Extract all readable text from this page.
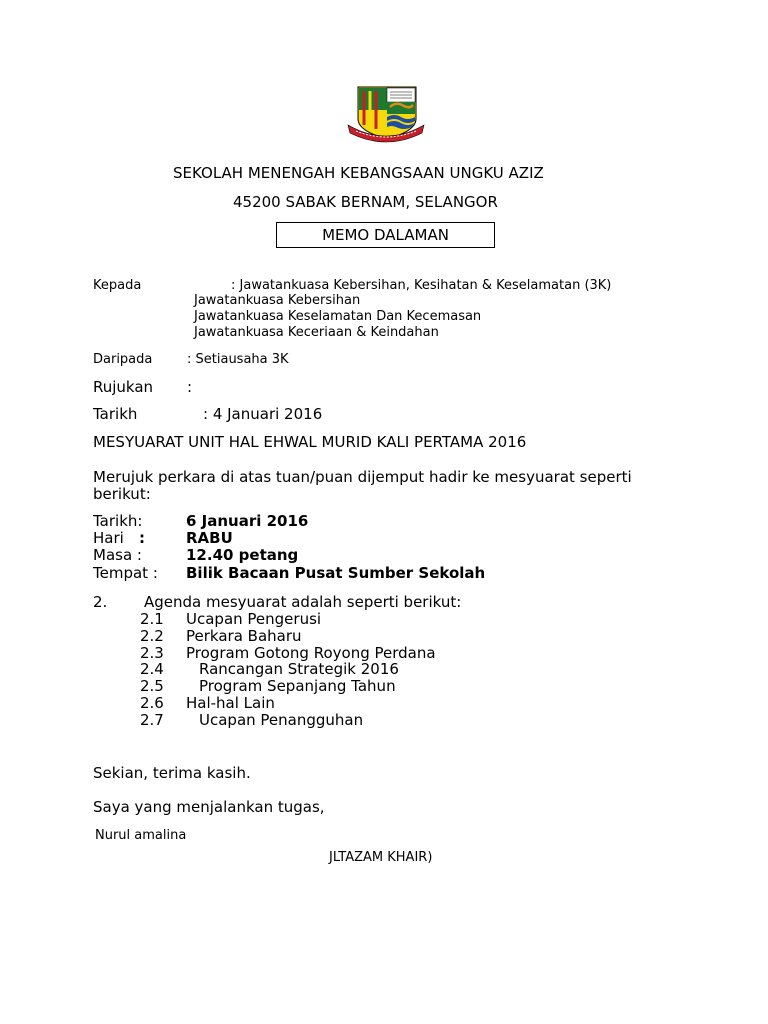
SEKOLAH MENENGAH KEBANGSAAN UNGKU AZIZ
45200 SABAK BERNAM, SELANGOR
MEMO DALAMAN
Kepada	: Jawatankuasa Kebersihan, Kesihatan & Keselamatan (3K)
Jawatankuasa Kebersihan
Jawatankuasa Keselamatan Dan Kecemasan
Jawatankuasa Keceriaan & Keindahan
Daripada	: Setiausaha 3K
Rujukan :
Tarikh	: 4 Januari 2016
MESYUARAT UNIT HAL EHWAL MURID KALI PERTAMA 2016
Merujuk perkara di atas tuan/puan dijemput hadir ke mesyuarat seperti
berikut:
Tarikh:	6 Januari 2016
Hari :	RABU
Masa :	12.40 petang
Tempat : Bilik Bacaan Pusat Sumber Sekolah
2. Agenda mesyuarat adalah seperti berikut:
2.1 Ucapan Pengerusi
2.2 Perkara Baharu
2.3 Program Gotong Royong Perdana
2.4 Rancangan Strategik 2016
2.5 Program Sepanjang Tahun
2.6 Hal-hal Lain
2.7 Ucapan Penangguhan
Sekian, terima kasih.
Saya yang menjalankan tugas,
Nurul amalina
JLTAZAM KHAIR)
